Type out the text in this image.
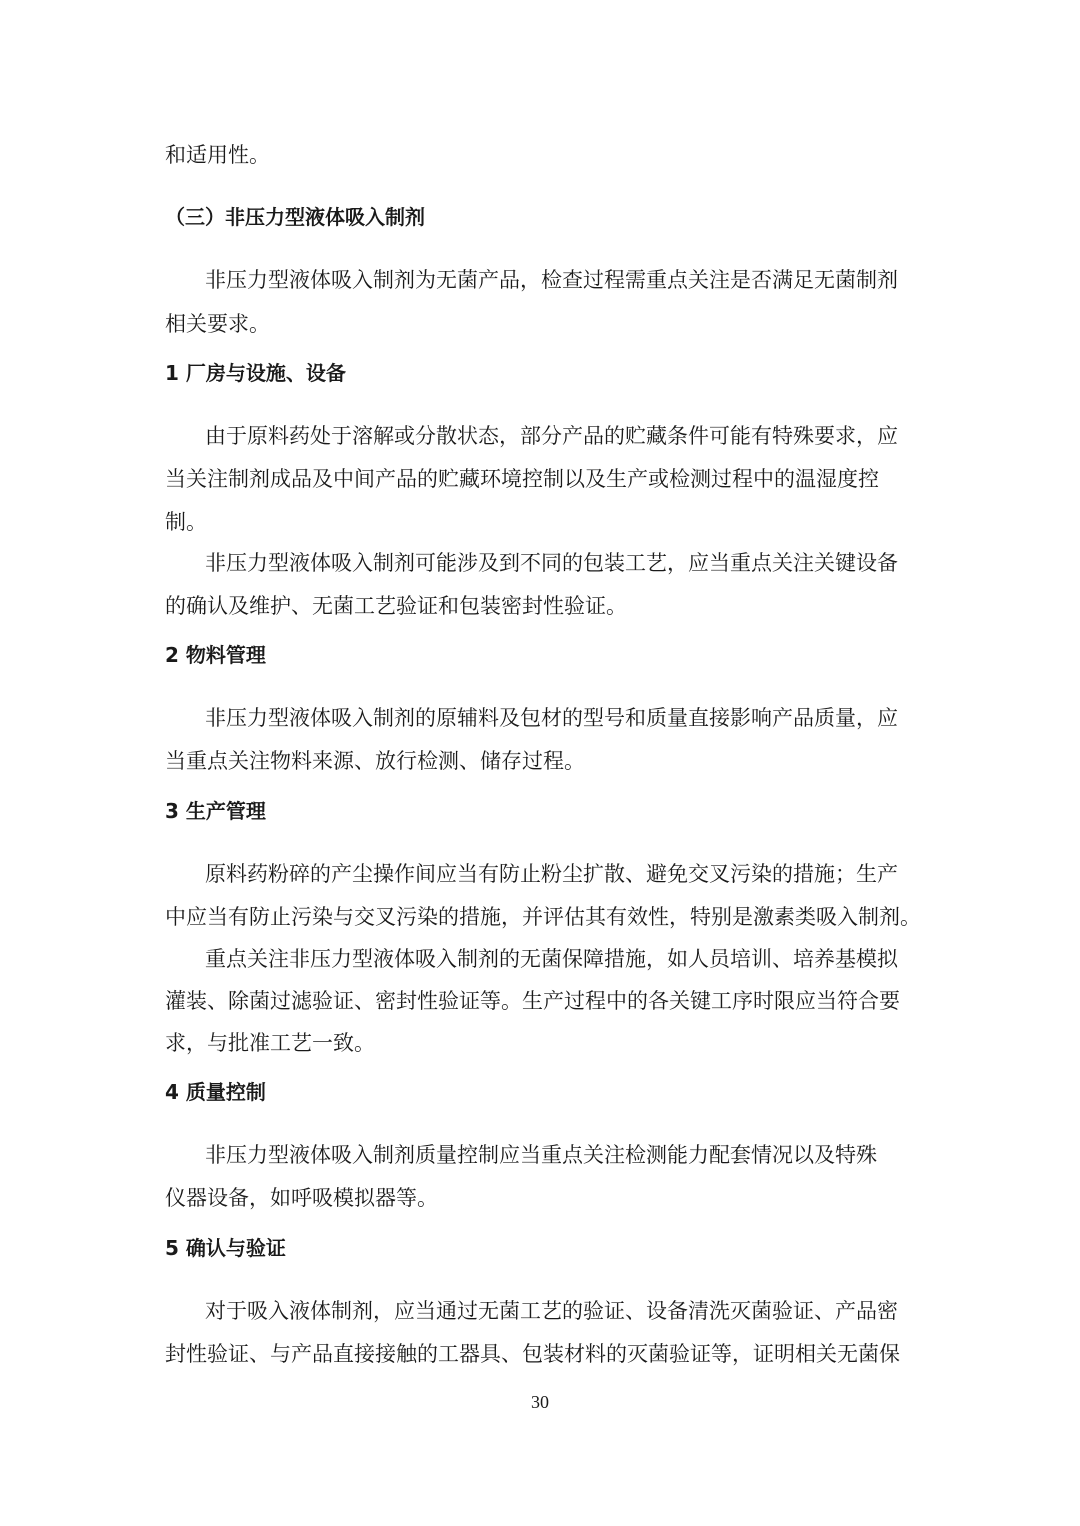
和适用性。
（三）非压力型液体吸入制剂
非压力型液体吸入制剂为无菌产品，检查过程需重点关注是否满足无菌制剂
相关要求。
1 厂房与设施、设备
由于原料药处于溶解或分散状态，部分产品的贮藏条件可能有特殊要求，应
当关注制剂成品及中间产品的贮藏环境控制以及生产或检测过程中的温湿度控
制。
非压力型液体吸入制剂可能涉及到不同的包装工艺，应当重点关注关键设备
的确认及维护、无菌工艺验证和包装密封性验证。
2 物料管理
非压力型液体吸入制剂的原辅料及包材的型号和质量直接影响产品质量，应
当重点关注物料来源、放行检测、储存过程。
3 生产管理
原料药粉碎的产尘操作间应当有防止粉尘扩散、避免交叉污染的措施；生产
中应当有防止污染与交叉污染的措施，并评估其有效性，特别是激素类吸入制剂。
重点关注非压力型液体吸入制剂的无菌保障措施，如人员培训、培养基模拟
灌装、除菌过滤验证、密封性验证等。生产过程中的各关键工序时限应当符合要
求，与批准工艺一致。
4 质量控制
非压力型液体吸入制剂质量控制应当重点关注检测能力配套情况以及特殊
仪器设备，如呼吸模拟器等。
5 确认与验证
对于吸入液体制剂，应当通过无菌工艺的验证、设备清洗灭菌验证、产品密
封性验证、与产品直接接触的工器具、包装材料的灭菌验证等，证明相关无菌保
30
